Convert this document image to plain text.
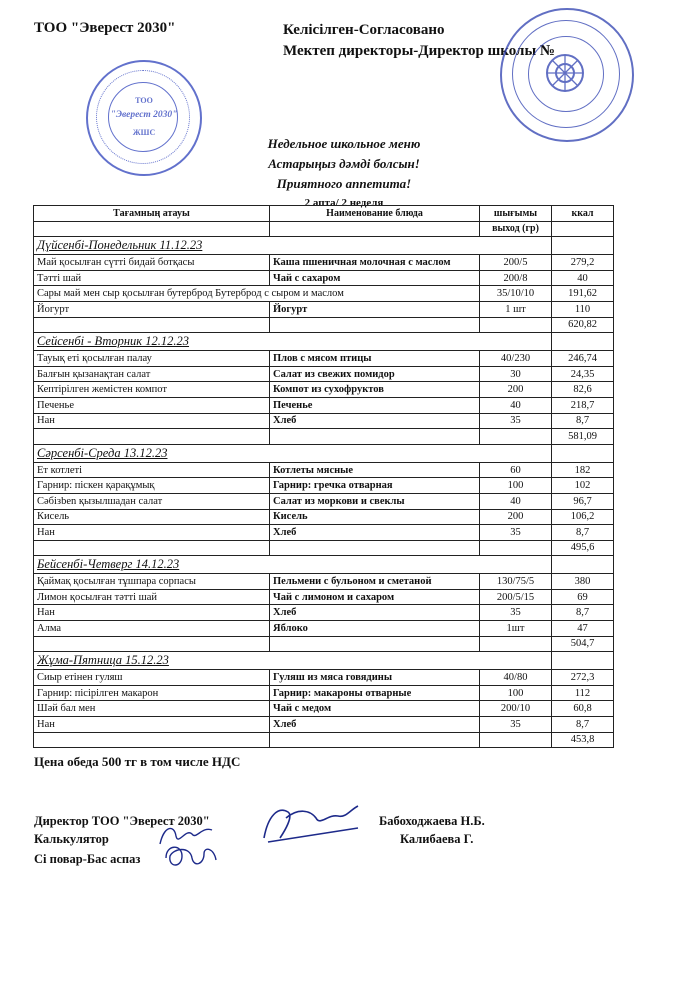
ТОО "Эверест 2030"	Келісілген-Согласовано
Мектеп директоры-Директор школы №
ТОО
"Эверест 2030"
ЖШС
Недельное школьное меню
Астарыңыз дәмді болсын!
Приятного аппетита!
2 апта/ 2 неделя
Тағамның атауы	Наименование блюда	шығымы	ккал
		выход (гр)	
Дүйсенбі-Понедельник 11.12.23			
Май қосылған сүтті бидай ботқасы	Каша пшеничная молочная с маслом	200/5	279,2
Тәтті шай	Чай с сахаром	200/8	40
Сары май мен сыр қосылған бутерброд Бутерброд с сыром и маслом		35/10/10	191,62
Йогурт	Йогурт	1 шт	110
			620,82
Сейсенбі - Вторник 12.12.23			
Тауық еті қосылған палау	Плов с мясом птицы	40/230	246,74
Балғын қызанақтан салат	Салат из свежих помидор	30	24,35
Кептірілген жемістен компот	Компот из сухофруктов	200	82,6
Печенье	Печенье	40	218,7
Нан	Хлеб	35	8,7
			581,09
Сәрсенбі-Среда 13.12.23			
Ет котлеті	Котлеты мясные	60	182
Гарнир: піскен қарақұмық	Гарнир: гречка отварная	100	102
Сәбізben қызылшадан салат	Салат из моркови и свеклы	40	96,7
Кисель	Кисель	200	106,2
Нан	Хлеб	35	8,7
			495,6
Бейсенбі-Четверг 14.12.23			
Қаймақ қосылған тұшпара сорпасы	Пельмени с бульоном и сметаной	130/75/5	380
Лимон қосылған тәтті шай	Чай с лимоном и сахаром	200/5/15	69
Нан	Хлеб	35	8,7
Алма	Яблоко	1шт	47
			504,7
Жұма-Пятница 15.12.23			
Сиыр етінен гуляш	Гуляш из мяса говядины	40/80	272,3
Гарнир: пісірілген макарон	Гарнир: макароны отварные	100	112
Шәй бал мен	Чай с медом	200/10	60,8
Нан	Хлеб	35	8,7
			453,8
Цена обеда 500 тг в том числе НДС
Директор ТОО "Эверест 2030"	Бабоходжаева Н.Б.
Калькулятор	Калибаева Г.
Сі повар-Бас аспаз
